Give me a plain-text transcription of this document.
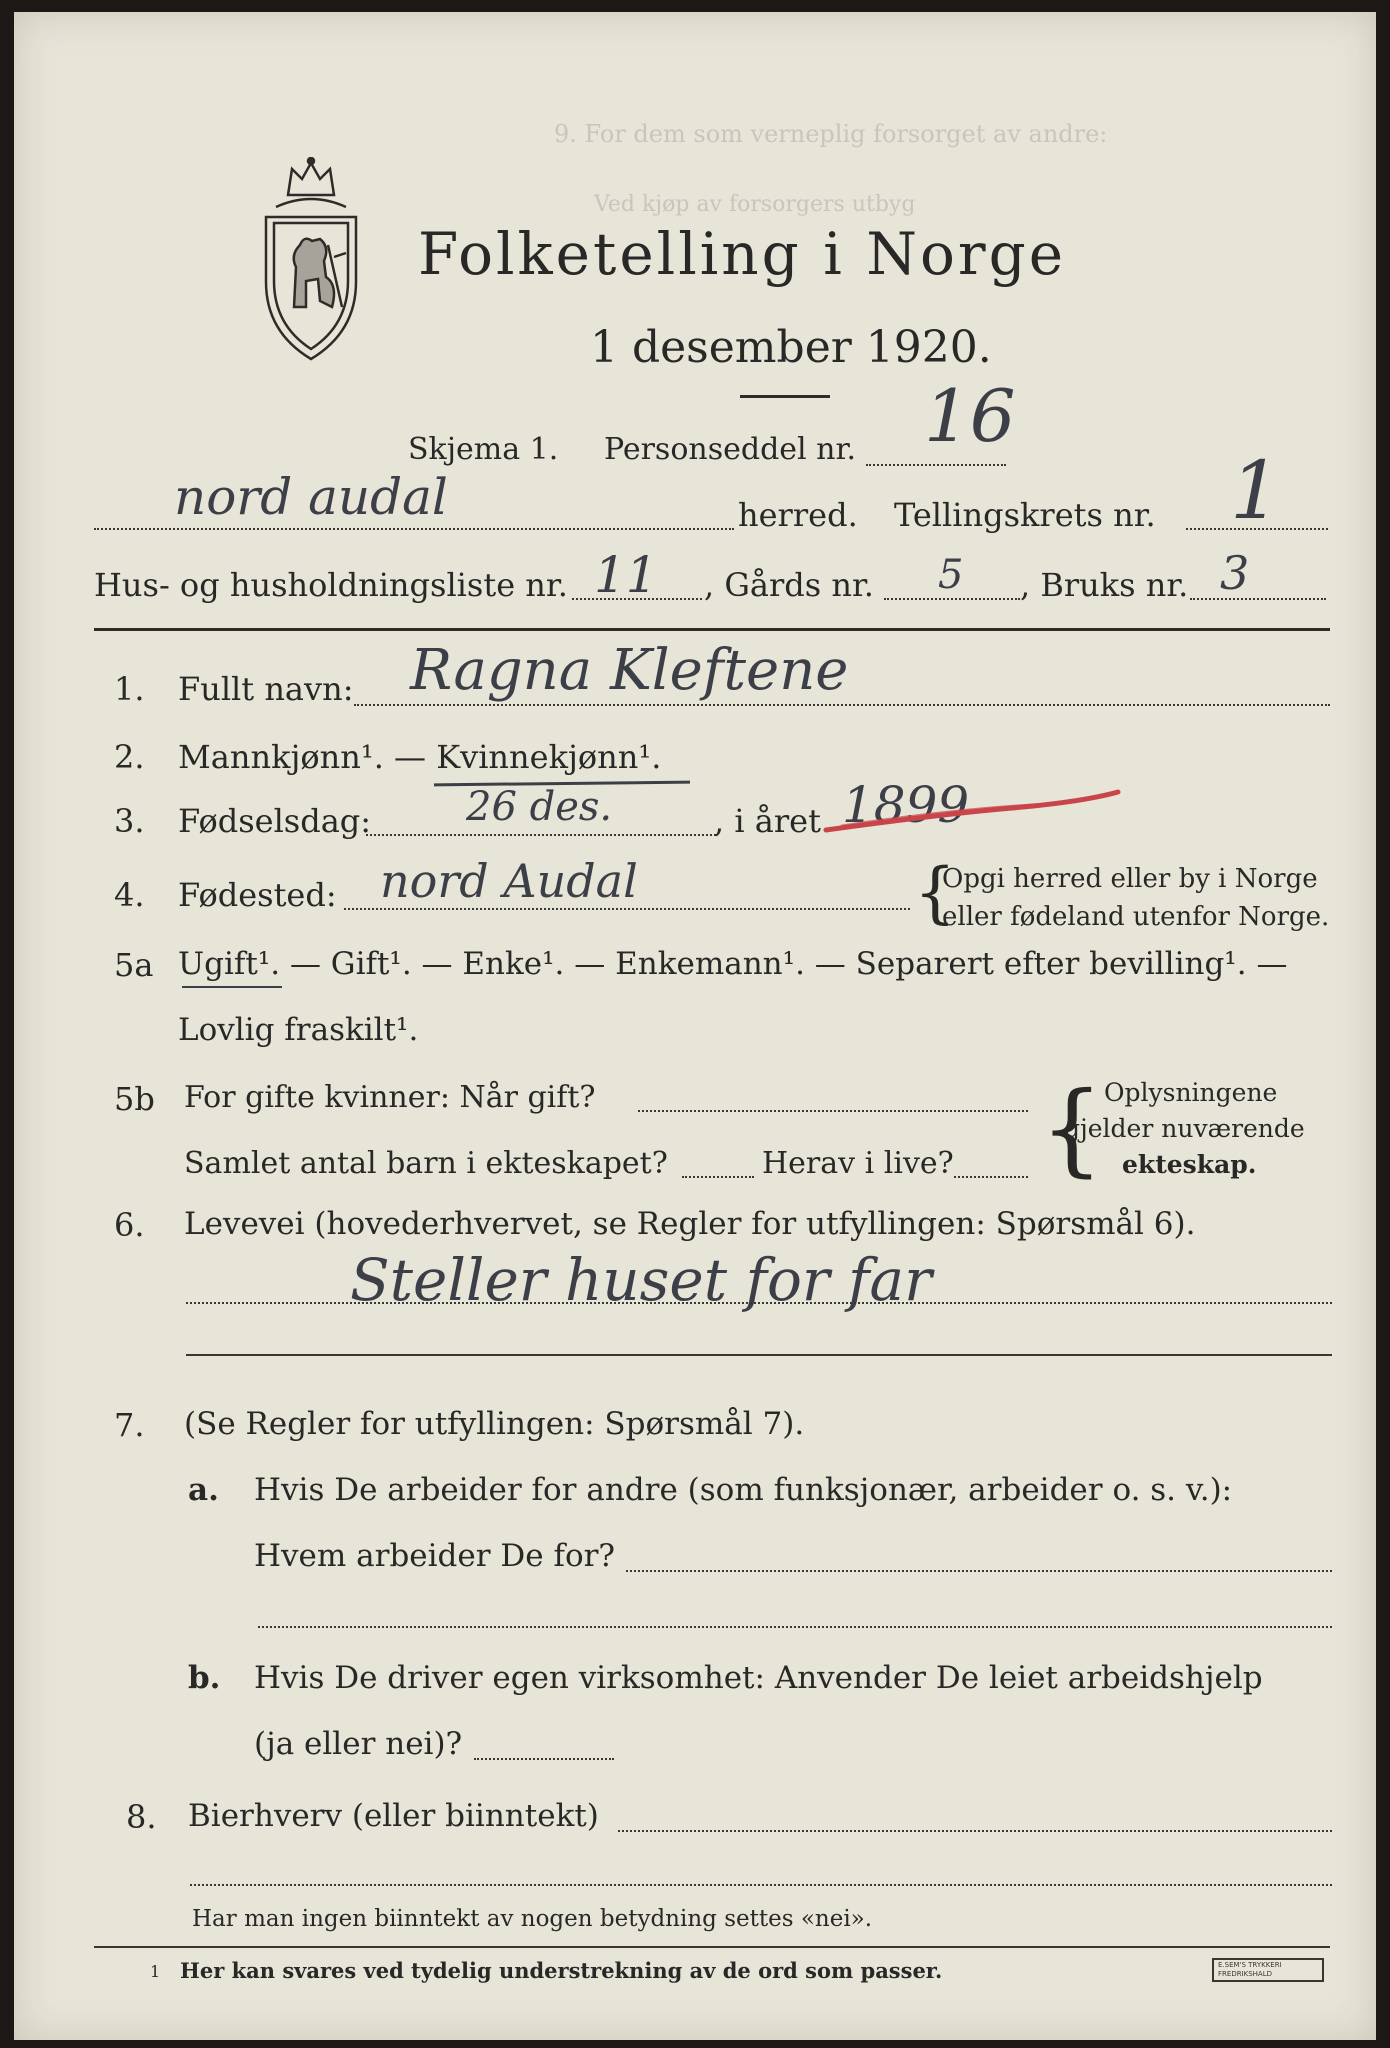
9. For dem som verneplig forsorget av andre:
Ved kjøp av forsorgers utbyg
Folketelling i Norge
1 desember 1920.
Skjema 1. Personseddel nr. 16
nord audal	herred. Tellingskrets nr. 1
Hus- og husholdningsliste nr. 11 , Gårds nr. 5 , Bruks nr. 3
1. Fullt navn: Ragna Kleftene
2. Mannkjønn¹. — Kvinnekjønn¹.
3. Fødselsdag: 26 des.	, i året 1899
4. Fødested: nord Audal	{
Opgi herred eller by i Norge
eller fødeland utenfor Norge.
5a Ugift¹. — Gift¹. — Enke¹. — Enkemann¹. — Separert efter bevilling¹. —
Lovlig fraskilt¹.
5b For gifte kvinner: Når gift?
Samlet antal barn i ekteskapet?	Herav i live? { Oplysningene
gjelder nuværende
ekteskap.
6. Levevei (hovederhvervet, se Regler for utfyllingen: Spørsmål 6).
Steller huset for far
7. (Se Regler for utfyllingen: Spørsmål 7).
a. Hvis De arbeider for andre (som funksjonær, arbeider o. s. v.):
Hvem arbeider De for?
b. Hvis De driver egen virksomhet: Anvender De leiet arbeidshjelp
(ja eller nei)?
8. Bierhverv (eller biinntekt)
Har man ingen biinntekt av nogen betydning settes «nei».
1 Her kan svares ved tydelig understrekning av de ord som passer.	E.SEM'S TRYKKERI FREDRIKSHALD
